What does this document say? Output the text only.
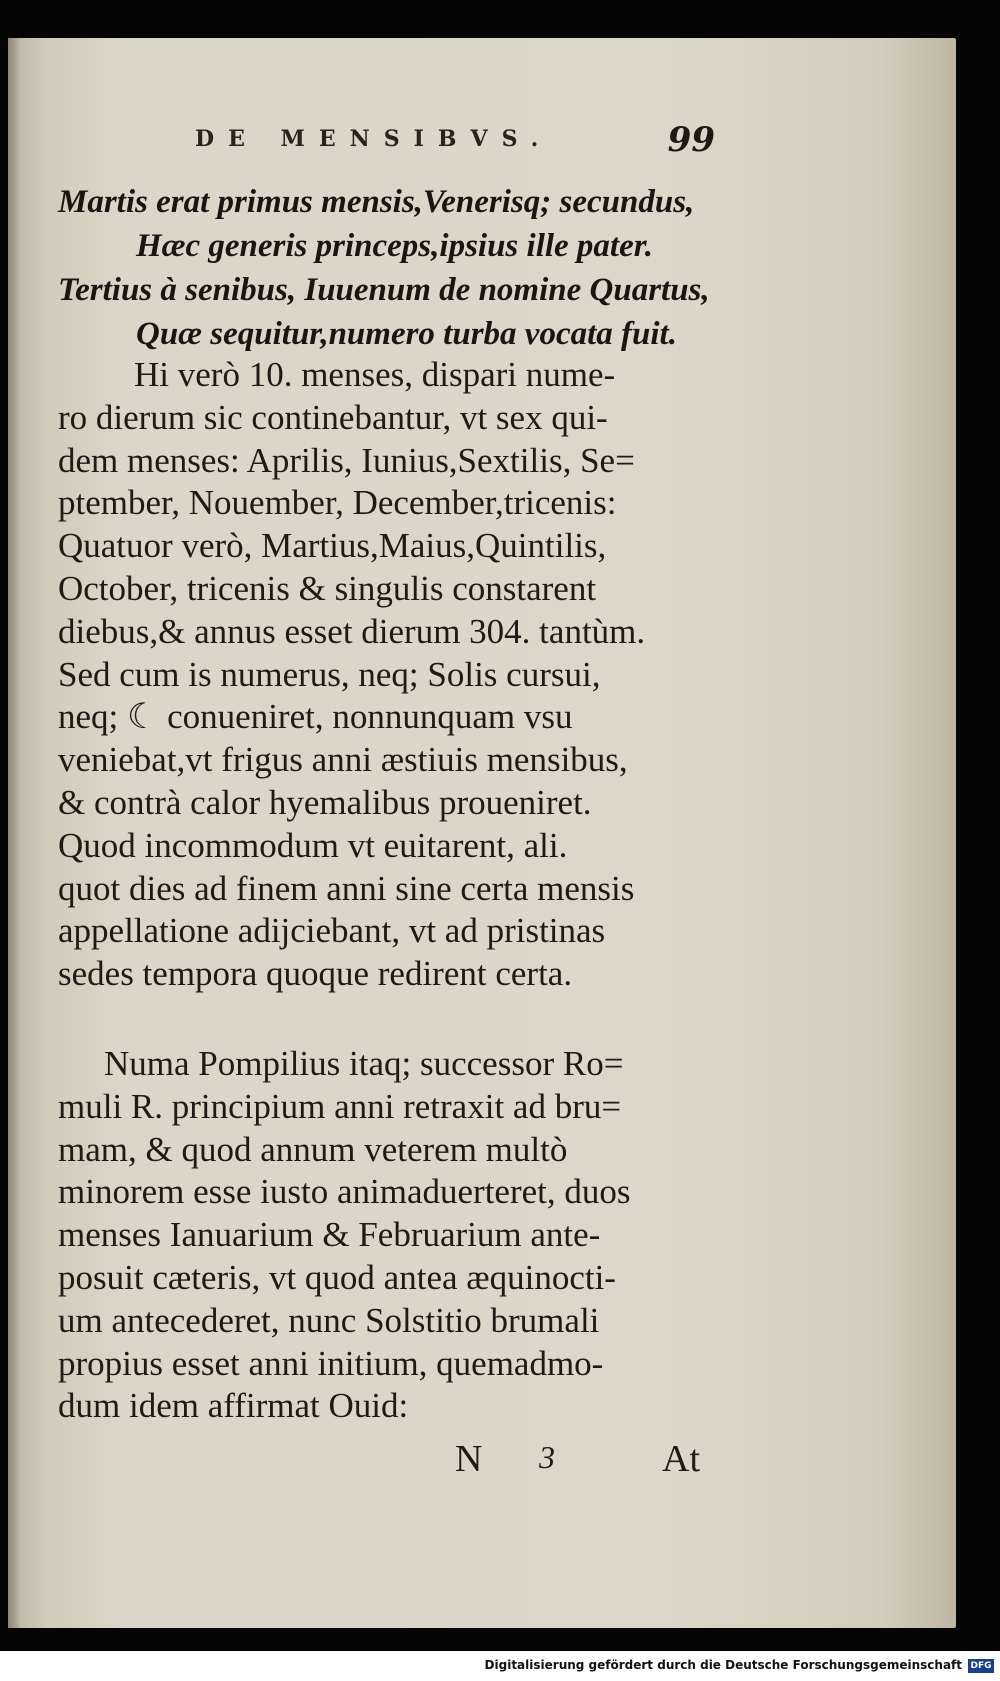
DE MENSIBVS.	99
Martis erat primus mensis,Venerisq; secundus,
Hæc generis princeps,ipsius ille pater.
Tertius à senibus, Iuuenum de nomine Quartus,
Quæ sequitur,numero turba vocata fuit.
Hi verò 10. menses, dispari nume-
ro dierum sic continebantur, vt sex qui-
dem menses: Aprilis, Iunius,Sextilis, Se=
ptember, Nouember, December,tricenis:
Quatuor verò, Martius,Maius,Quintilis,
October, tricenis & singulis constarent
diebus,& annus esset dierum 304. tantùm.
Sed cum is numerus, neq; Solis cursui,
neq; ☾ conueniret, nonnunquam vsu
veniebat,vt frigus anni æstiuis mensibus,
& contrà calor hyemalibus proueniret.
Quod incommodum vt euitarent, ali.
quot dies ad finem anni sine certa mensis
appellatione adijciebant, vt ad pristinas
sedes tempora quoque redirent certa.
Numa Pompilius itaq; successor Ro=
muli R. principium anni retraxit ad bru=
mam, & quod annum veterem multò
minorem esse iusto animaduerteret, duos
menses Ianuarium & Februarium ante-
posuit cæteris, vt quod antea æquinocti-
um antecederet, nunc Solstitio brumali
propius esset anni initium, quemadmo-
dum idem affirmat Ouid:
N 3	At
Digitalisierung gefördert durch die Deutsche Forschungsgemeinschaft DFG
